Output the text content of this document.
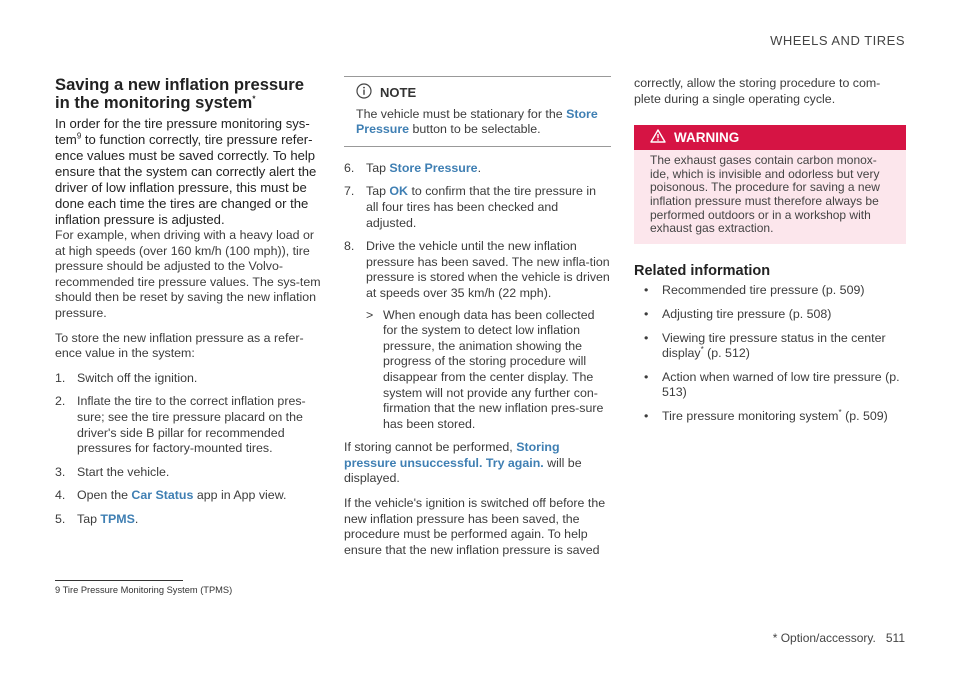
WHEELS AND TIRES
Saving a new inflation pressure in the monitoring system*

In order for the tire pressure monitoring sys-tem$^9$ to function correctly, tire pressure refer-ence values must be saved correctly. To help ensure that the system can correctly alert the driver of low inflation pressure, this must be done each time the tires are changed or the inflation pressure is adjusted.

For example, when driving with a heavy load or at high speeds (over 160 km/h (100 mph)), tire pressure should be adjusted to the Volvo-recommended tire pressure values. The sys-tem should then be reset by saving the new inflation pressure.

To store the new inflation pressure as a refer-ence value in the system:

1. Switch off the ignition.
2. Inflate the tire to the correct inflation pres-sure; see the tire pressure placard on the driver's side B pillar for recommended pressures for factory-mounted tires.
3. Start the vehicle.
4. Open the Car Status app in App view.
5. Tap TPMS.
NOTE
The vehicle must be stationary for the Store Pressure button to be selectable.
6. Tap Store Pressure.
7. Tap OK to confirm that the tire pressure in all four tires has been checked and adjusted.
8. Drive the vehicle until the new inflation pressure has been saved. The new infla-tion pressure is stored when the vehicle is driven at speeds over 35 km/h (22 mph).
> When enough data has been collected for the system to detect low inflation pressure, the animation showing the progress of the storing procedure will disappear from the center display. The system will not provide any further con-firmation that the new inflation pres-sure has been stored.

If storing cannot be performed, Storing pressure unsuccessful. Try again. will be displayed.

If the vehicle's ignition is switched off before the new inflation pressure has been saved, the procedure must be performed again. To help ensure that the new inflation pressure is saved

correctly, allow the storing procedure to com-plete during a single operating cycle.

WARNING
The exhaust gases contain carbon monox-ide, which is invisible and odorless but very poisonous. The procedure for saving a new inflation pressure must therefore always be performed outdoors or in a workshop with exhaust gas extraction.
Related information
• Recommended tire pressure (p. 509)
• Adjusting tire pressure (p. 508)
• Viewing tire pressure status in the center display* (p. 512)
• Action when warned of low tire pressure (p. 513)
• Tire pressure monitoring system* (p. 509)
9 Tire Pressure Monitoring System (TPMS)
* Option/accessory. 511
